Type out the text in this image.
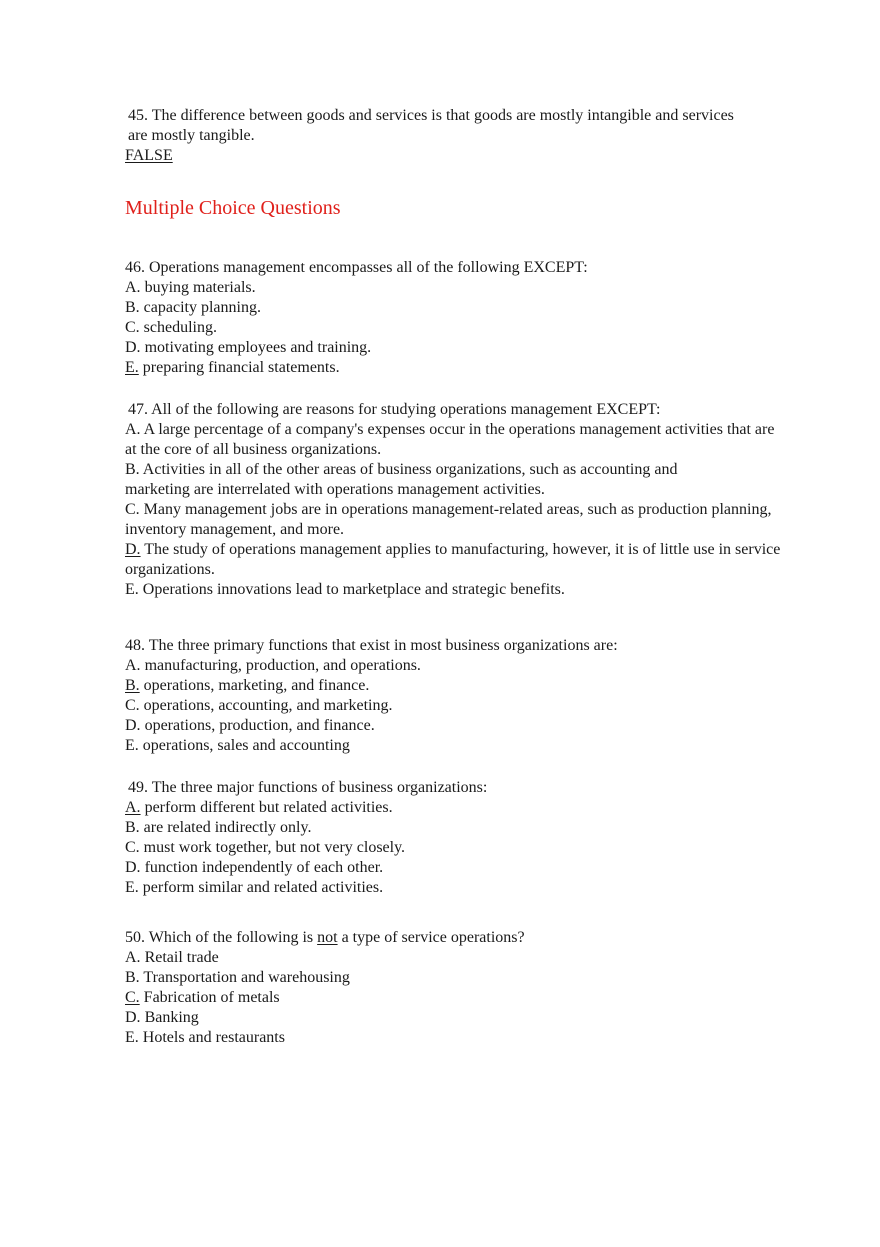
45. The difference between goods and services is that goods are mostly intangible and services are mostly tangible.
FALSE
Multiple Choice Questions
46. Operations management encompasses all of the following EXCEPT:
A. buying materials.
B. capacity planning.
C. scheduling.
D. motivating employees and training.
E. preparing financial statements.
47. All of the following are reasons for studying operations management EXCEPT:
A. A large percentage of a company's expenses occur in the operations management activities that are at the core of all business organizations.
B. Activities in all of the other areas of business organizations, such as accounting and marketing are interrelated with operations management activities.
C. Many management jobs are in operations management-related areas, such as production planning, inventory management, and more.
D. The study of operations management applies to manufacturing, however, it is of little use in service organizations.
E. Operations innovations lead to marketplace and strategic benefits.
48. The three primary functions that exist in most business organizations are:
A. manufacturing, production, and operations.
B. operations, marketing, and finance.
C. operations, accounting, and marketing.
D. operations, production, and finance.
E. operations, sales and accounting
49. The three major functions of business organizations:
A. perform different but related activities.
B. are related indirectly only.
C. must work together, but not very closely.
D. function independently of each other.
E. perform similar and related activities.
50. Which of the following is not a type of service operations?
A. Retail trade
B. Transportation and warehousing
C. Fabrication of metals
D. Banking
E. Hotels and restaurants
